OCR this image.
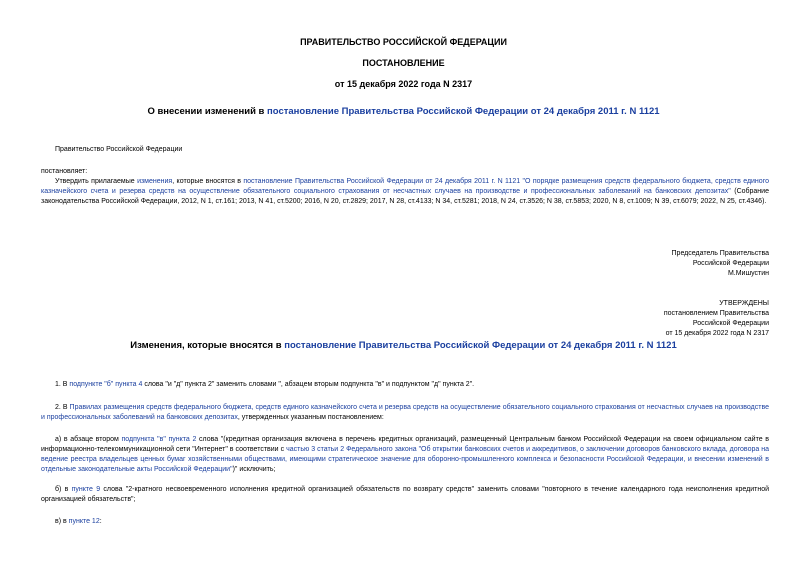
ПРАВИТЕЛЬСТВО РОССИЙСКОЙ ФЕДЕРАЦИИ
ПОСТАНОВЛЕНИЕ
от 15 декабря 2022 года N 2317
О внесении изменений в постановление Правительства Российской Федерации от 24 декабря 2011 г. N 1121
Правительство Российской Федерации
постановляет:
Утвердить прилагаемые изменения, которые вносятся в постановление Правительства Российской Федерации от 24 декабря 2011 г. N 1121 "О порядке размещения средств федерального бюджета, средств единого казначейского счета и резерва средств на осуществление обязательного социального страхования от несчастных случаев на производстве и профессиональных заболеваний на банковских депозитах" (Собрание законодательства Российской Федерации, 2012, N 1, ст.161; 2013, N 41, ст.5200; 2016, N 20, ст.2829; 2017, N 28, ст.4133; N 34, ст.5281; 2018, N 24, ст.3526; N 38, ст.5853; 2020, N 8, ст.1009; N 39, ст.6079; 2022, N 25, ст.4346).
Председатель Правительства
Российской Федерации
М.Мишустин
УТВЕРЖДЕНЫ
постановлением Правительства
Российской Федерации
от 15 декабря 2022 года N 2317
Изменения, которые вносятся в постановление Правительства Российской Федерации от 24 декабря 2011 г. N 1121
1. В подпункте "б" пункта 4 слова "и "д" пункта 2" заменить словами ", абзацем вторым подпункта "в" и подпунктом "д" пункта 2".
2. В Правилах размещения средств федерального бюджета, средств единого казначейского счета и резерва средств на осуществление обязательного социального страхования от несчастных случаев на производстве и профессиональных заболеваний на банковских депозитах, утвержденных указанным постановлением:
а) в абзаце втором подпункта "в" пункта 2 слова "(кредитная организация включена в перечень кредитных организаций, размещенный Центральным банком Российской Федерации на своем официальном сайте в информационно-телекоммуникационной сети "Интернет" в соответствии с частью 3 статьи 2 Федерального закона "Об открытии банковских счетов и аккредитивов, о заключении договоров банковского вклада, договора на ведение реестра владельцев ценных бумаг хозяйственными обществами, имеющими стратегическое значение для оборонно-промышленного комплекса и безопасности Российской Федерации, и внесении изменений в отдельные законодательные акты Российской Федерации")" исключить;
б) в пункте 9 слова "2-кратного несвоевременного исполнения кредитной организацией обязательств по возврату средств" заменить словами "повторного в течение календарного года неисполнения кредитной организацией обязательств";
в) в пункте 12:
